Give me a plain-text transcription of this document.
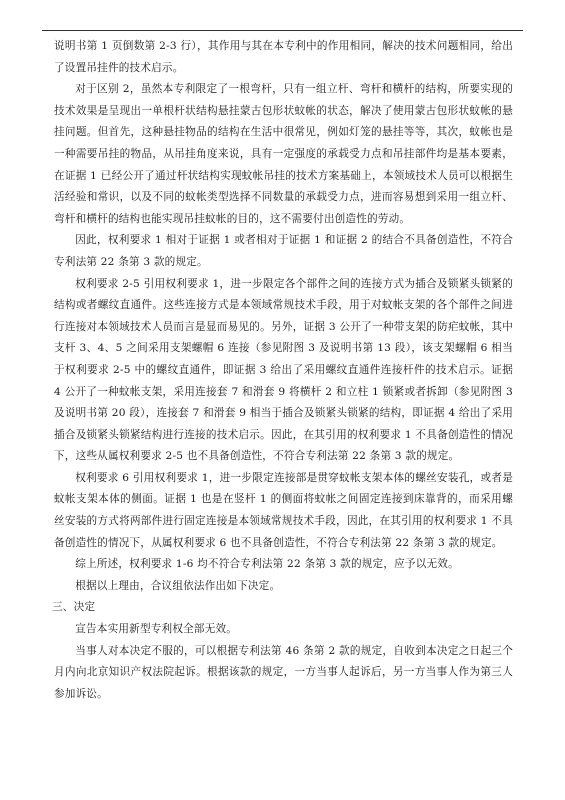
说明书第 1 页倒数第 2-3 行），其作用与其在本专利中的作用相同，解决的技术问题相同，给出了设置吊挂件的技术启示。

对于区别 2，虽然本专利限定了一根弯杆，只有一组立杆、弯杆和横杆的结构，所要实现的技术效果是呈现出一单根杆状结构悬挂蒙古包形状蚊帐的状态，解决了使用蒙古包形状蚊帐的悬挂问题。但首先，这种悬挂物品的结构在生活中很常见，例如灯笼的悬挂等等，其次，蚊帐也是一种需要吊挂的物品，从吊挂角度来说，具有一定强度的承载受力点和吊挂部件均是基本要素，在证据 1 已经公开了通过杆状结构实现蚊帐吊挂的技术方案基础上，本领域技术人员可以根据生活经验和常识，以及不同的蚊帐类型选择不同数量的承载受力点，进而容易想到采用一组立杆、弯杆和横杆的结构也能实现吊挂蚊帐的目的，这不需要付出创造性的劳动。

因此，权利要求 1 相对于证据 1 或者相对于证据 1 和证据 2 的结合不具备创造性，不符合专利法第 22 条第 3 款的规定。

权利要求 2-5 引用权利要求 1，进一步限定各个部件之间的连接方式为插合及锁紧头锁紧的结构或者螺纹直通件。这些连接方式是本领域常规技术手段，用于对蚊帐支架的各个部件之间进行连接对本领域技术人员而言是显而易见的。另外，证据 3 公开了一种带支架的防疟蚊帐，其中支杆 3、4、5 之间采用支架螺帽 6 连接（参见附图 3 及说明书第 13 段），该支架螺帽 6 相当于权利要求 2-5 中的螺纹直通件，即证据 3 给出了采用螺纹直通件连接杆件的技术启示。证据 4 公开了一种蚊帐支架，采用连接套 7 和滑套 9 将横杆 2 和立柱 1 锁紧或者拆卸（参见附图 3 及说明书第 20 段），连接套 7 和滑套 9 相当于插合及锁紧头锁紧的结构，即证据 4 给出了采用插合及锁紧头锁紧结构进行连接的技术启示。因此，在其引用的权利要求 1 不具备创造性的情况下，这些从属权利要求 2-5 也不具备创造性，不符合专利法第 22 条第 3 款的规定。

权利要求 6 引用权利要求 1，进一步限定连接部是贯穿蚊帐支架本体的螺丝安装孔，或者是蚊帐支架本体的侧面。证据 1 也是在竖杆 1 的侧面将蚊帐之间固定连接到床靠背的，而采用螺丝安装的方式将两部件进行固定连接是本领域常规技术手段，因此，在其引用的权利要求 1 不具备创造性的情况下，从属权利要求 6 也不具备创造性，不符合专利法第 22 条第 3 款的规定。

综上所述，权利要求 1-6 均不符合专利法第 22 条第 3 款的规定，应予以无效。

根据以上理由，合议组依法作出如下决定。

三、决定

宣告本实用新型专利权全部无效。

当事人对本决定不服的，可以根据专利法第 46 条第 2 款的规定，自收到本决定之日起三个月内向北京知识产权法院起诉。根据该款的规定，一方当事人起诉后，另一方当事人作为第三人参加诉讼。
